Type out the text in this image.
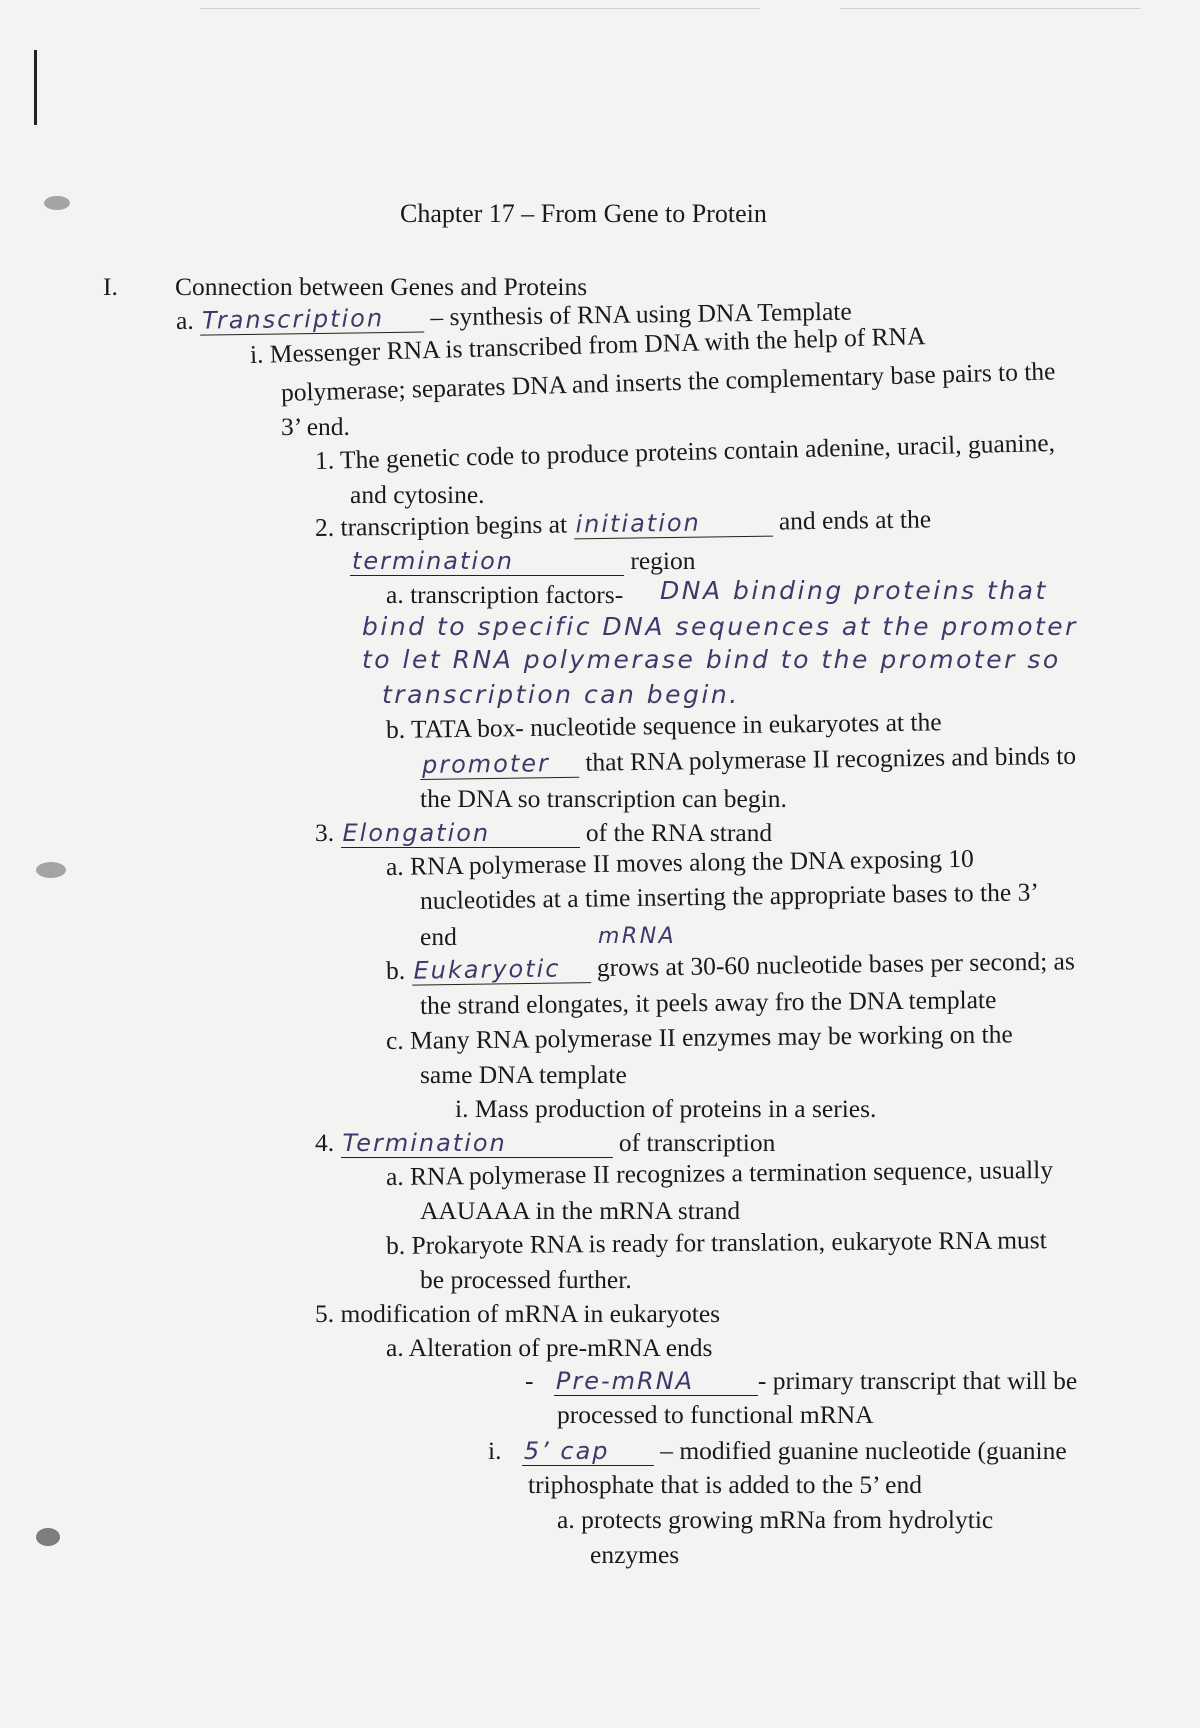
Chapter 17 – From Gene to Protein
I. Connection between Genes and Proteins
a. Transcription – synthesis of RNA using DNA Template
i. Messenger RNA is transcribed from DNA with the help of RNA
polymerase; separates DNA and inserts the complementary base pairs to the
3’ end.
1. The genetic code to produce proteins contain adenine, uracil, guanine,
and cytosine.
2. transcription begins at initiation	and ends at the
termination	region
a. transcription factors- DNA binding proteins that
bind to specific DNA sequences at the promoter
to let RNA polymerase bind to the promoter so
transcription can begin.
b. TATA box- nucleotide sequence in eukaryotes at the
promoter that RNA polymerase II recognizes and binds to
the DNA so transcription can begin.
3. Elongation	of the RNA strand
a. RNA polymerase II moves along the DNA exposing 10
nucleotides at a time inserting the appropriate bases to the 3’
end	mRNA
b. Eukaryotic grows at 30-60 nucleotide bases per second; as
the strand elongates, it peels away fro the DNA template
c. Many RNA polymerase II enzymes may be working on the
same DNA template
i. Mass production of proteins in a series.
4. Termination	of transcription
a. RNA polymerase II recognizes a termination sequence, usually
AAUAAA in the mRNA strand
b. Prokaryote RNA is ready for translation, eukaryote RNA must
be processed further.
5. modification of mRNA in eukaryotes
a. Alteration of pre-mRNA ends
- Pre-mRNA	- primary transcript that will be
processed to functional mRNA
i. 5’ cap – modified guanine nucleotide (guanine
triphosphate that is added to the 5’ end
a. protects growing mRNa from hydrolytic
enzymes
